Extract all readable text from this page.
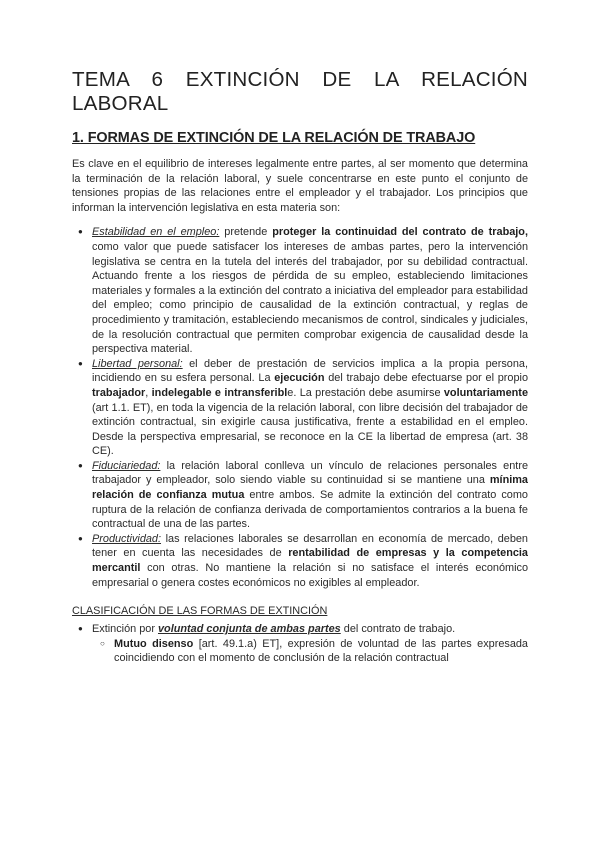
TEMA 6 EXTINCIÓN DE LA RELACIÓN
LABORAL
1. FORMAS DE EXTINCIÓN DE LA RELACIÓN DE TRABAJO

Es clave en el equilibrio de intereses legalmente entre partes, al ser momento que determina la terminación de la relación laboral, y suele concentrarse en este punto el conjunto de tensiones propias de las relaciones entre el empleador y el trabajador. Los principios que informan la intervención legislativa en esta materia son:

● Estabilidad en el empleo: pretende proteger la continuidad del contrato de trabajo, como valor que puede satisfacer los intereses de ambas partes, pero la intervención legislativa se centra en la tutela del interés del trabajador, por su debilidad contractual. Actuando frente a los riesgos de pérdida de su empleo, estableciendo limitaciones materiales y formales a la extinción del contrato a iniciativa del empleador para estabilidad del empleo; como principio de causalidad de la extinción contractual, y reglas de procedimiento y tramitación, estableciendo mecanismos de control, sindicales y judiciales, de la resolución contractual que permiten comprobar exigencia de causalidad desde la perspectiva material.
● Libertad personal: el deber de prestación de servicios implica a la propia persona, incidiendo en su esfera personal. La ejecución del trabajo debe efectuarse por el propio trabajador, indelegable e intransferible. La prestación debe asumirse voluntariamente (art 1.1. ET), en toda la vigencia de la relación laboral, con libre decisión del trabajador de extinción contractual, sin exigirle causa justificativa, frente a estabilidad en el empleo. Desde la perspectiva empresarial, se reconoce en la CE la libertad de empresa (art. 38 CE).
● Fiduciariedad: la relación laboral conlleva un vínculo de relaciones personales entre trabajador y empleador, solo siendo viable su continuidad si se mantiene una mínima relación de confianza mutua entre ambos. Se admite la extinción del contrato como ruptura de la relación de confianza derivada de comportamientos contrarios a la buena fe contractual de una de las partes.
● Productividad: las relaciones laborales se desarrollan en economía de mercado, deben tener en cuenta las necesidades de rentabilidad de empresas y la competencia mercantil con otras. No mantiene la relación si no satisface el interés económico empresarial o genera costes económicos no exigibles al empleador.
CLASIFICACIÓN DE LAS FORMAS DE EXTINCIÓN
● Extinción por voluntad conjunta de ambas partes del contrato de trabajo.
○ Mutuo disenso [art. 49.1.a) ET], expresión de voluntad de las partes expresada coincidiendo con el momento de conclusión de la relación contractual
